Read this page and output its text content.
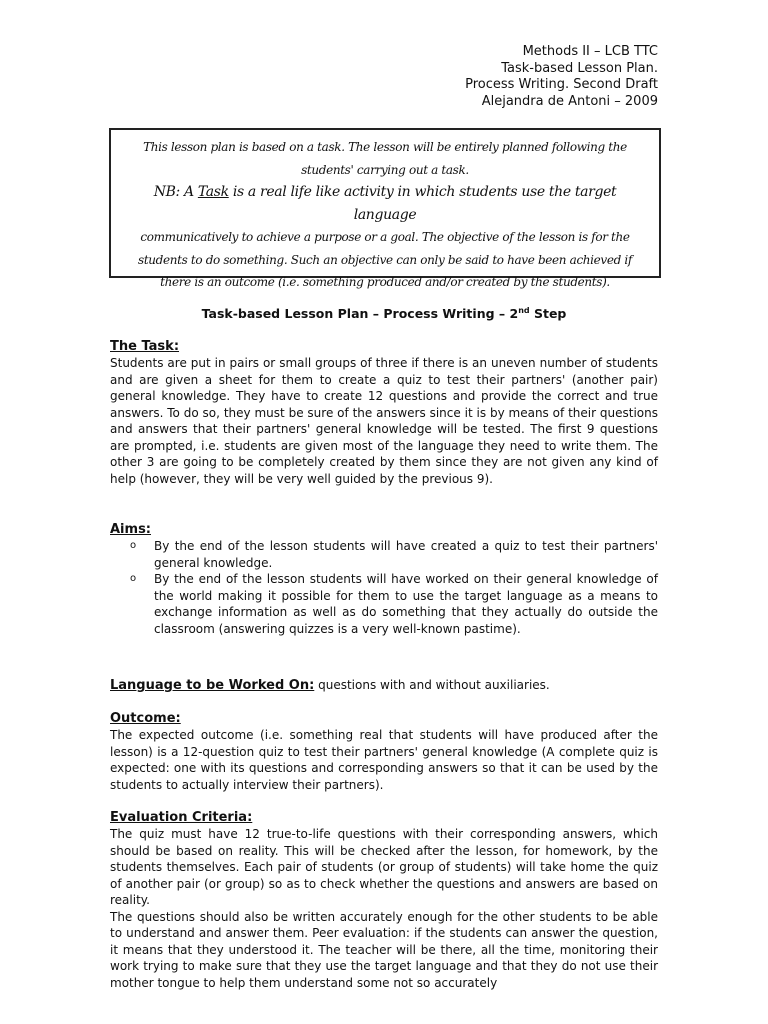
Methods II – LCB TTC
Task-based Lesson Plan.
Process Writing. Second Draft
Alejandra de Antoni – 2009
This lesson plan is based on a task. The lesson will be entirely planned following the
students' carrying out a task.
NB: A Task is a real life like activity in which students use the target language
communicatively to achieve a purpose or a goal. The objective of the lesson is for the
students to do something. Such an objective can only be said to have been achieved if
there is an outcome (i.e. something produced and/or created by the students).
Task-based Lesson Plan – Process Writing – 2nd Step
The Task:
Students are put in pairs or small groups of three if there is an uneven number of students and are given a sheet for them to create a quiz to test their partners' (another pair) general knowledge. They have to create 12 questions and provide the correct and true answers. To do so, they must be sure of the answers since it is by means of their questions and answers that their partners' general knowledge will be tested. The first 9 questions are prompted, i.e. students are given most of the language they need to write them. The other 3 are going to be completely created by them since they are not given any kind of help (however, they will be very well guided by the previous 9).
Aims:
o By the end of the lesson students will have created a quiz to test their partners' general knowledge.
o By the end of the lesson students will have worked on their general knowledge of the world making it possible for them to use the target language as a means to exchange information as well as do something that they actually do outside the classroom (answering quizzes is a very well-known pastime).
Language to be Worked On: questions with and without auxiliaries.
Outcome:
The expected outcome (i.e. something real that students will have produced after the lesson) is a 12-question quiz to test their partners' general knowledge (A complete quiz is expected: one with its questions and corresponding answers so that it can be used by the students to actually interview their partners).
Evaluation Criteria:
The quiz must have 12 true-to-life questions with their corresponding answers, which should be based on reality. This will be checked after the lesson, for homework, by the students themselves. Each pair of students (or group of students) will take home the quiz of another pair (or group) so as to check whether the questions and answers are based on reality.
The questions should also be written accurately enough for the other students to be able to understand and answer them. Peer evaluation: if the students can answer the question, it means that they understood it. The teacher will be there, all the time, monitoring their work trying to make sure that they use the target language and that they do not use their mother tongue to help them understand some not so accurately
